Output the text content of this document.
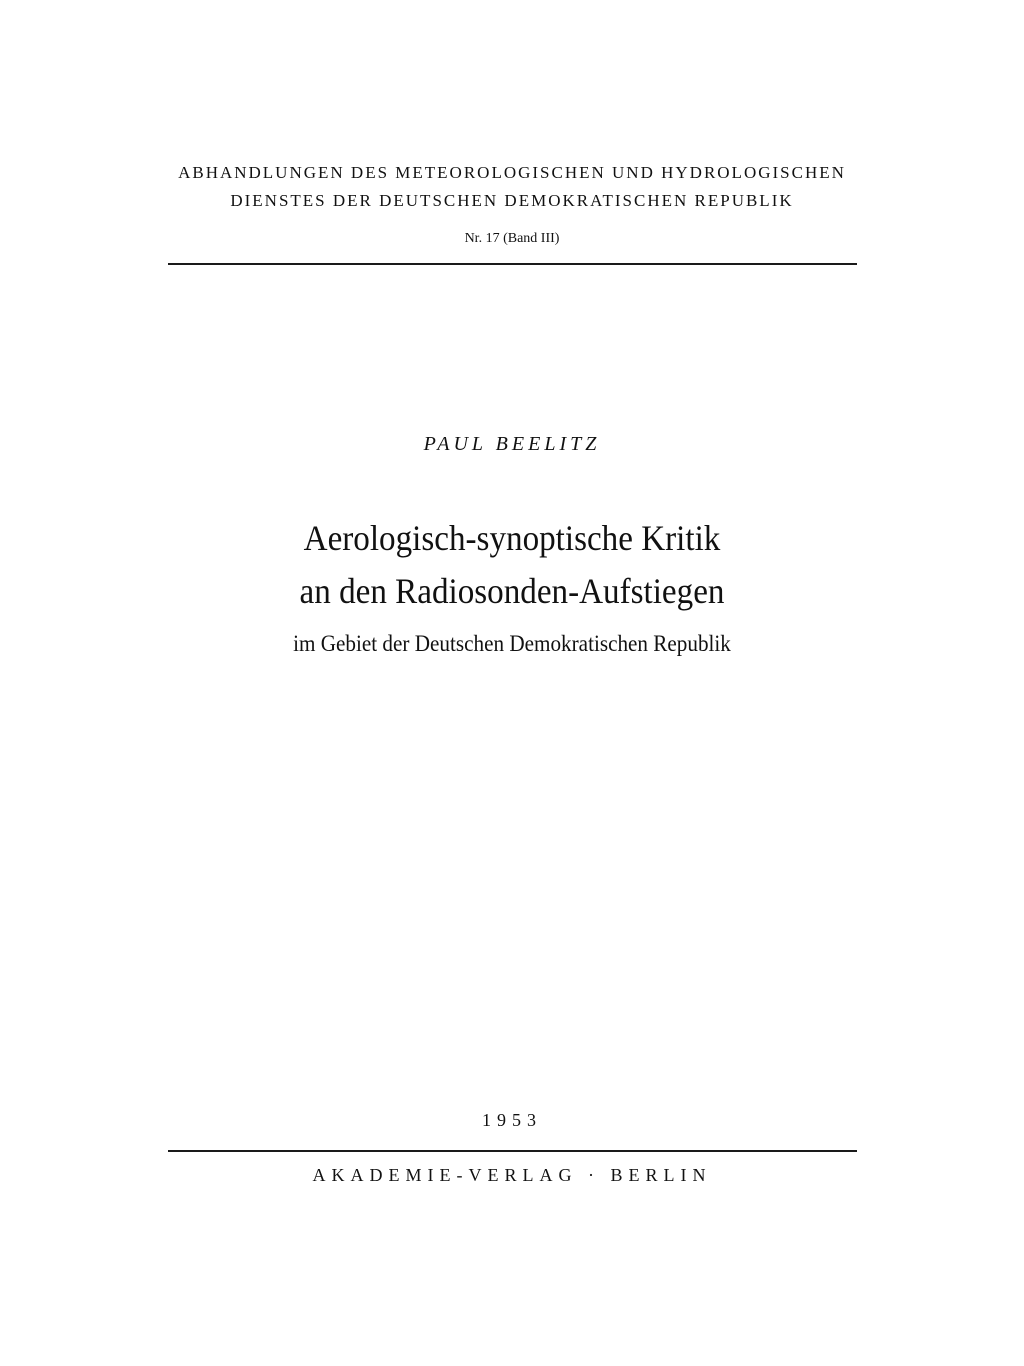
ABHANDLUNGEN DES METEOROLOGISCHEN UND HYDROLOGISCHEN
DIENSTES DER DEUTSCHEN DEMOKRATISCHEN REPUBLIK
Nr. 17 (Band III)
PAUL BEELITZ
Aerologisch-synoptische Kritik
an den Radiosonden-Aufstiegen
im Gebiet der Deutschen Demokratischen Republik
1953
AKADEMIE-VERLAG · BERLIN
